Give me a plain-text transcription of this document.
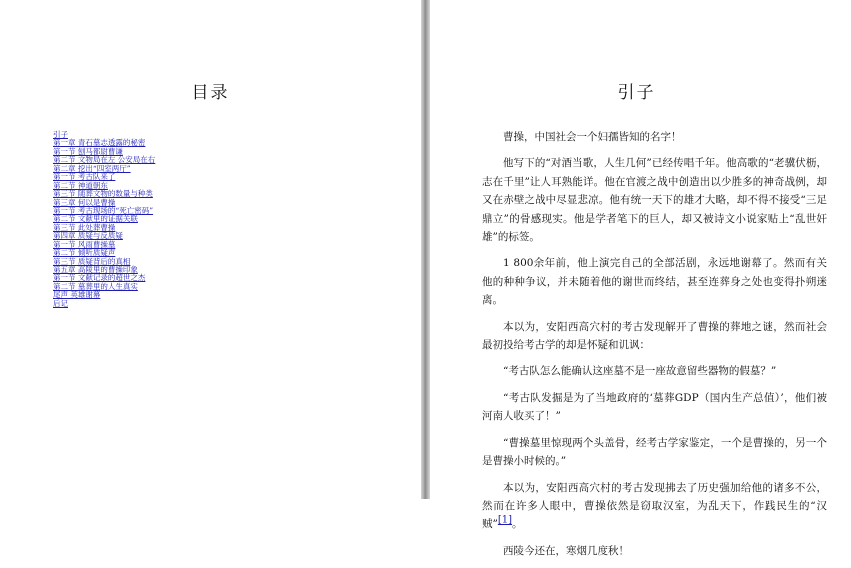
目录
引子
第一章 青石墓志透露的秘密
第一节 刨马都尉曹谦
第二节 文物局在左 公安局在右
第二章 挖出“四室两厅”
第一节 考古队来了
第二节 神道朝东
第三节 随葬文物的数量与种类
第三章 何以是曹操
第一节 考古现场的“死亡密码”
第二节 文献里的证据关联
第三节 此处葬曹操
第四章 质疑与反质疑
第一节 风雨曹操墓
第二节 倾听质疑声
第三节 质疑背后的真相
第五章 高陵里的曹操印象
第一节 文献记录的超世之杰
第二节 墓葬里的人生真实
尾声 英雄谢幕
后记
引子

曹操，中国社会一个妇孺皆知的名字！

他写下的“对酒当歌，人生几何”已经传唱千年。他高歌的“老骥伏枥，志在千里”让人耳熟能详。他在官渡之战中创造出以少胜多的神奇战例，却又在赤壁之战中尽显悲凉。他有统一天下的雄才大略，却不得不接受“三足鼎立”的骨感现实。他是学者笔下的巨人，却又被诗文小说家贴上“乱世奸雄”的标签。

1 800余年前，他上演完自己的全部活剧，永远地谢幕了。然而有关他的种种争议，并未随着他的谢世而终结，甚至连葬身之处也变得扑朔迷离。

本以为，安阳西高穴村的考古发现解开了曹操的葬地之谜，然而社会最初投给考古学的却是怀疑和讥讽：

“考古队怎么能确认这座墓不是一座故意留些器物的假墓？”

“考古队发掘是为了当地政府的‘墓葬GDP（国内生产总值）’，他们被河南人收买了！”

“曹操墓里惊现两个头盖骨，经考古学家鉴定，一个是曹操的，另一个是曹操小时候的。”

本以为，安阳西高穴村的考古发现拂去了历史强加给他的诸多不公，然而在许多人眼中，曹操依然是窃取汉室，为乱天下，作践民生的“汉贼”[1]。

西陵今还在，寒烟几度秋！
